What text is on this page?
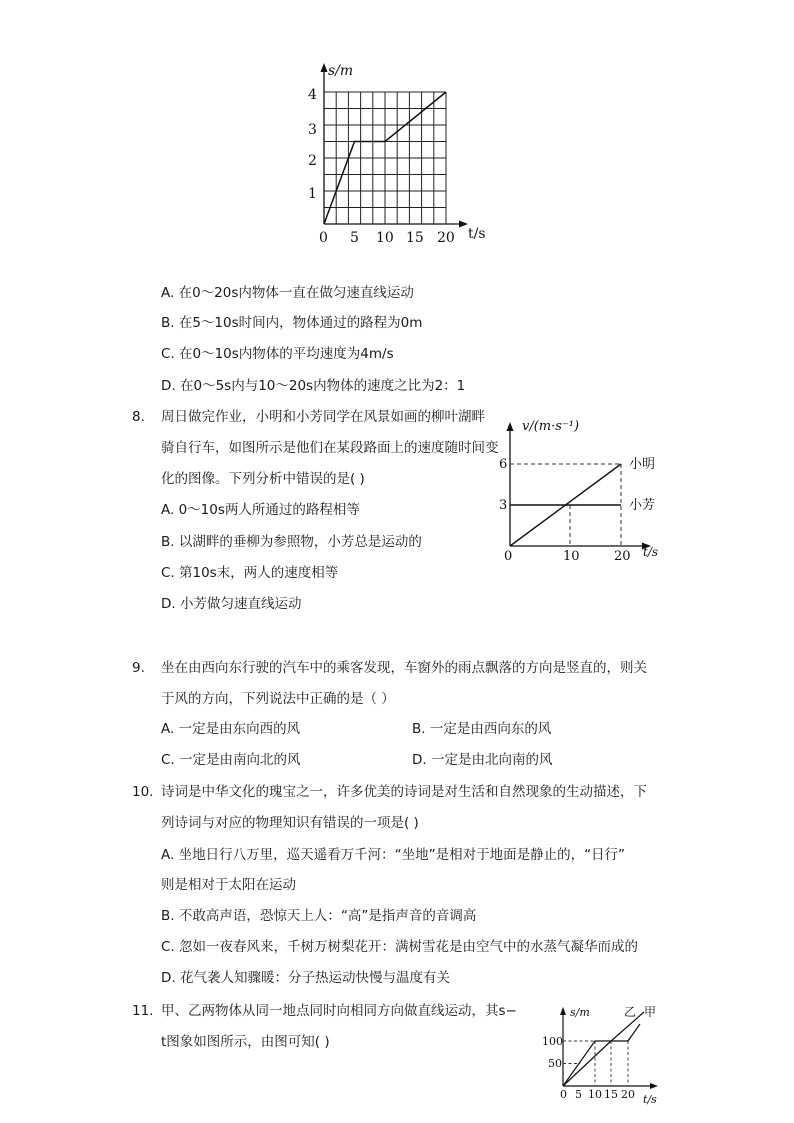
s/m
t/s
1
2
3
4
0 5 10 15 20
A. 在0～20s内物体一直在做匀速直线运动
B. 在5～10s时间内，物体通过的路程为0m
C. 在0～10s内物体的平均速度为4m/s
D. 在0～5s内与10～20s内物体的速度之比为2：1
8. 周日做完作业，小明和小芳同学在风景如画的柳叶湖畔
骑自行车，如图所示是他们在某段路面上的速度随时间变
化的图像。下列分析中错误的是( )
A. 0～10s两人所通过的路程相等
B. 以湖畔的垂柳为参照物，小芳总是运动的
C. 第10s末，两人的速度相等
D. 小芳做匀速直线运动
v/(m·s⁻¹)
t/s
3
6
0	10	20
小明
小芳
9. 坐在由西向东行驶的汽车中的乘客发现，车窗外的雨点飘落的方向是竖直的，则关
于风的方向，下列说法中正确的是（ ）
A. 一定是由东向西的风	B. 一定是由西向东的风
C. 一定是由南向北的风	D. 一定是由北向南的风
10. 诗词是中华文化的瑰宝之一，许多优美的诗词是对生活和自然现象的生动描述，下
列诗词与对应的物理知识有错误的一项是( )
A. 坐地日行八万里，巡天遥看万千河：“坐地”是相对于地面是静止的，“日行”
则是相对于太阳在运动
B. 不敢高声语，恐惊天上人：“高”是指声音的音调高
C. 忽如一夜春风来，千树万树梨花开：满树雪花是由空气中的水蒸气凝华而成的
D. 花气袭人知骤暖：分子热运动快慢与温度有关
11. 甲、乙两物体从同一地点同时向相同方向做直线运动，其s−
t图象如图所示，由图可知( )
s/m
t/s
50
100
0 5 10 15 20
乙 甲
